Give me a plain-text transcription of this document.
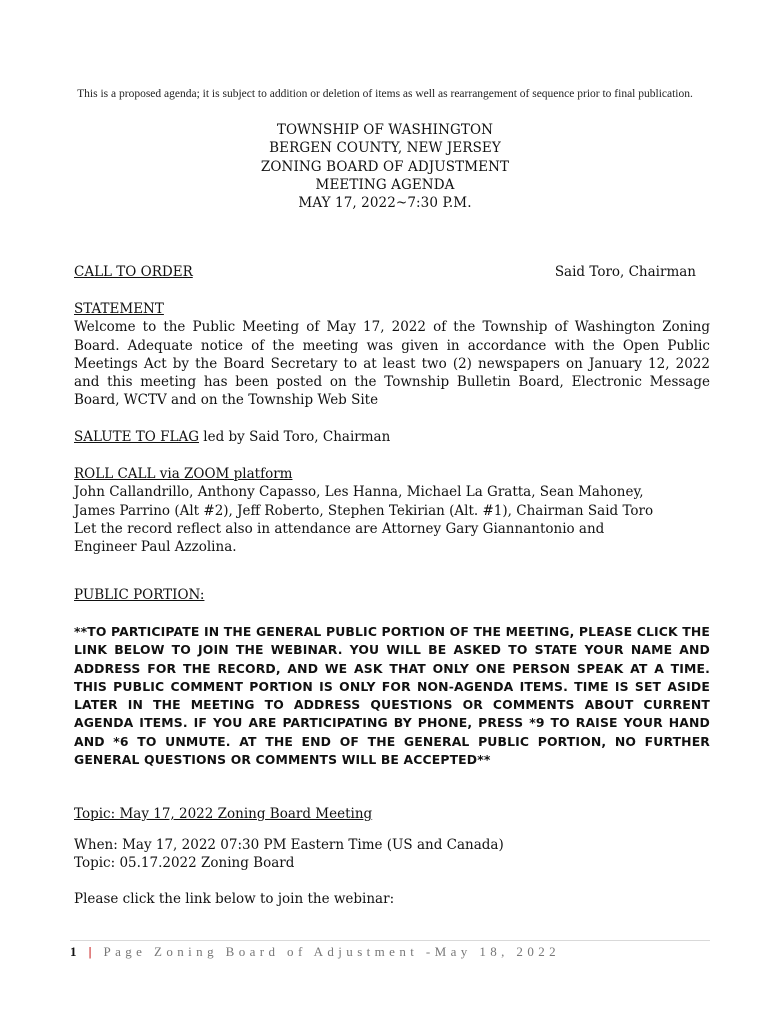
This is a proposed agenda; it is subject to addition or deletion of items as well as rearrangement of sequence prior to final publication.
TOWNSHIP OF WASHINGTON
BERGEN COUNTY, NEW JERSEY
ZONING BOARD OF ADJUSTMENT
MEETING AGENDA
MAY 17, 2022~7:30 P.M.
CALL TO ORDER	Said Toro, Chairman
STATEMENT

Welcome to the Public Meeting of May 17, 2022 of the Township of Washington Zoning Board. Adequate notice of the meeting was given in accordance with the Open Public Meetings Act by the Board Secretary to at least two (2) newspapers on January 12, 2022 and this meeting has been posted on the Township Bulletin Board, Electronic Message Board, WCTV and on the Township Web Site

SALUTE TO FLAG led by Said Toro, Chairman
ROLL CALL via ZOOM platform
John Callandrillo, Anthony Capasso, Les Hanna, Michael La Gratta, Sean Mahoney,
James Parrino (Alt #2), Jeff Roberto, Stephen Tekirian (Alt. #1), Chairman Said Toro
Let the record reflect also in attendance are Attorney Gary Giannantonio and
Engineer Paul Azzolina.
PUBLIC PORTION:
**TO PARTICIPATE IN THE GENERAL PUBLIC PORTION OF THE MEETING, PLEASE CLICK THE LINK BELOW TO JOIN THE WEBINAR. YOU WILL BE ASKED TO STATE YOUR NAME AND ADDRESS FOR THE RECORD, AND WE ASK THAT ONLY ONE PERSON SPEAK AT A TIME. THIS PUBLIC COMMENT PORTION IS ONLY FOR NON-AGENDA ITEMS. TIME IS SET ASIDE LATER IN THE MEETING TO ADDRESS QUESTIONS OR COMMENTS ABOUT CURRENT AGENDA ITEMS. IF YOU ARE PARTICIPATING BY PHONE, PRESS *9 TO RAISE YOUR HAND AND *6 TO UNMUTE. AT THE END OF THE GENERAL PUBLIC PORTION, NO FURTHER GENERAL QUESTIONS OR COMMENTS WILL BE ACCEPTED**
Topic: May 17, 2022 Zoning Board Meeting
When: May 17, 2022 07:30 PM Eastern Time (US and Canada)
Topic: 05.17.2022 Zoning Board
Please click the link below to join the webinar:
1 | Page Zoning Board of Adjustment -May 18, 2022
